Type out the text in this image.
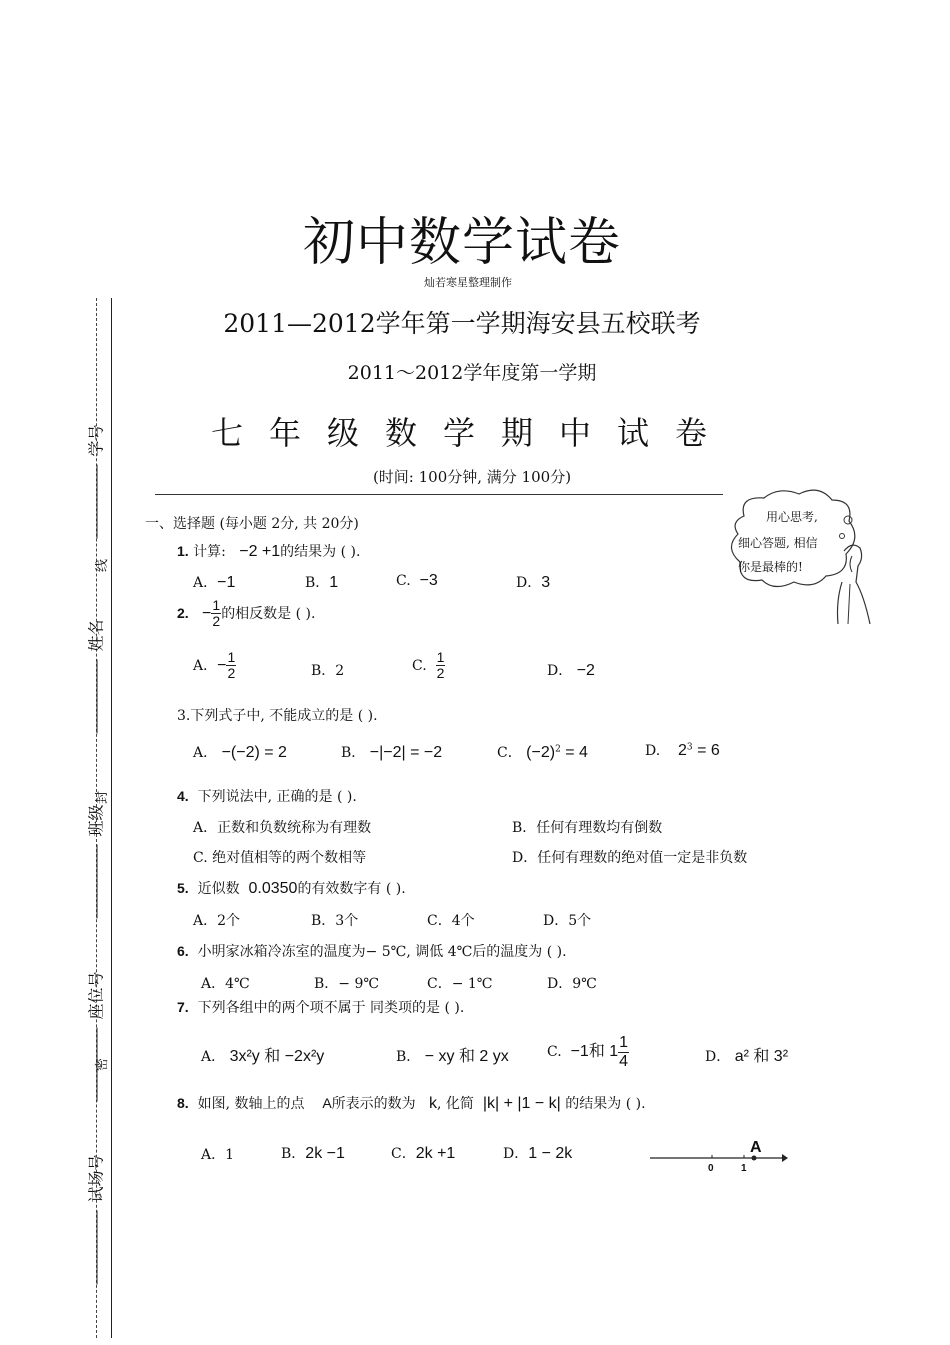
学号
姓名
班级
座位号
试场号
线
封
密
初中数学试卷
灿若寒星整理制作
2011—2012学年第一学期海安县五校联考
2011～2012学年度第一学期
七年级数学期中试卷
(时间: 100分钟, 满分 100分)
用心思考,
细心答题, 相信
你是最棒的!
一、选择题 (每小题 2分, 共 20分)
1. 计算: −2 +1的结果为 ( ).
A．−1	B．1	C. −3	D．3
2. − $\frac{1}{2}$ 的相反数是 ( ).
A．− $\frac{1}{2}$	B．2	C. $\frac{1}{2}$	D． −2
3.下列式子中, 不能成立的是 ( ).
A． −(−2) = 2	B． −|−2| = −2	C． $(-2)^2 = 4$	D. $2^3 = 6$
4. 下列说法中, 正确的是 ( ).
A．正数和负数统称为有理数	B．任何有理数均有倒数
C. 绝对值相等的两个数相等	D．任何有理数的绝对值一定是非负数
5. 近似数 0.0350的有效数字有 ( ).
A．2个	B．3个	C．4个	D．5个
6. 小明家冰箱冷冻室的温度为− 5℃, 调低 4℃后的温度为 ( ).
A．4℃	B．− 9℃	C．− 1℃	D．9℃
7. 下列各组中的两个项不属于 同类项的是 ( ).
A． 3x²y 和 −2x²y	B． − xy 和 2 yx	C. −1和 $1 \frac{1}{4}$	D． a² 和 3²
8. 如图, 数轴上的点 A所表示的数为 k, 化简 |k| + |1 − k| 的结果为 ( ).
A．1	B．2k −1	C．2k +1	D．1 − 2k	A
0	1
